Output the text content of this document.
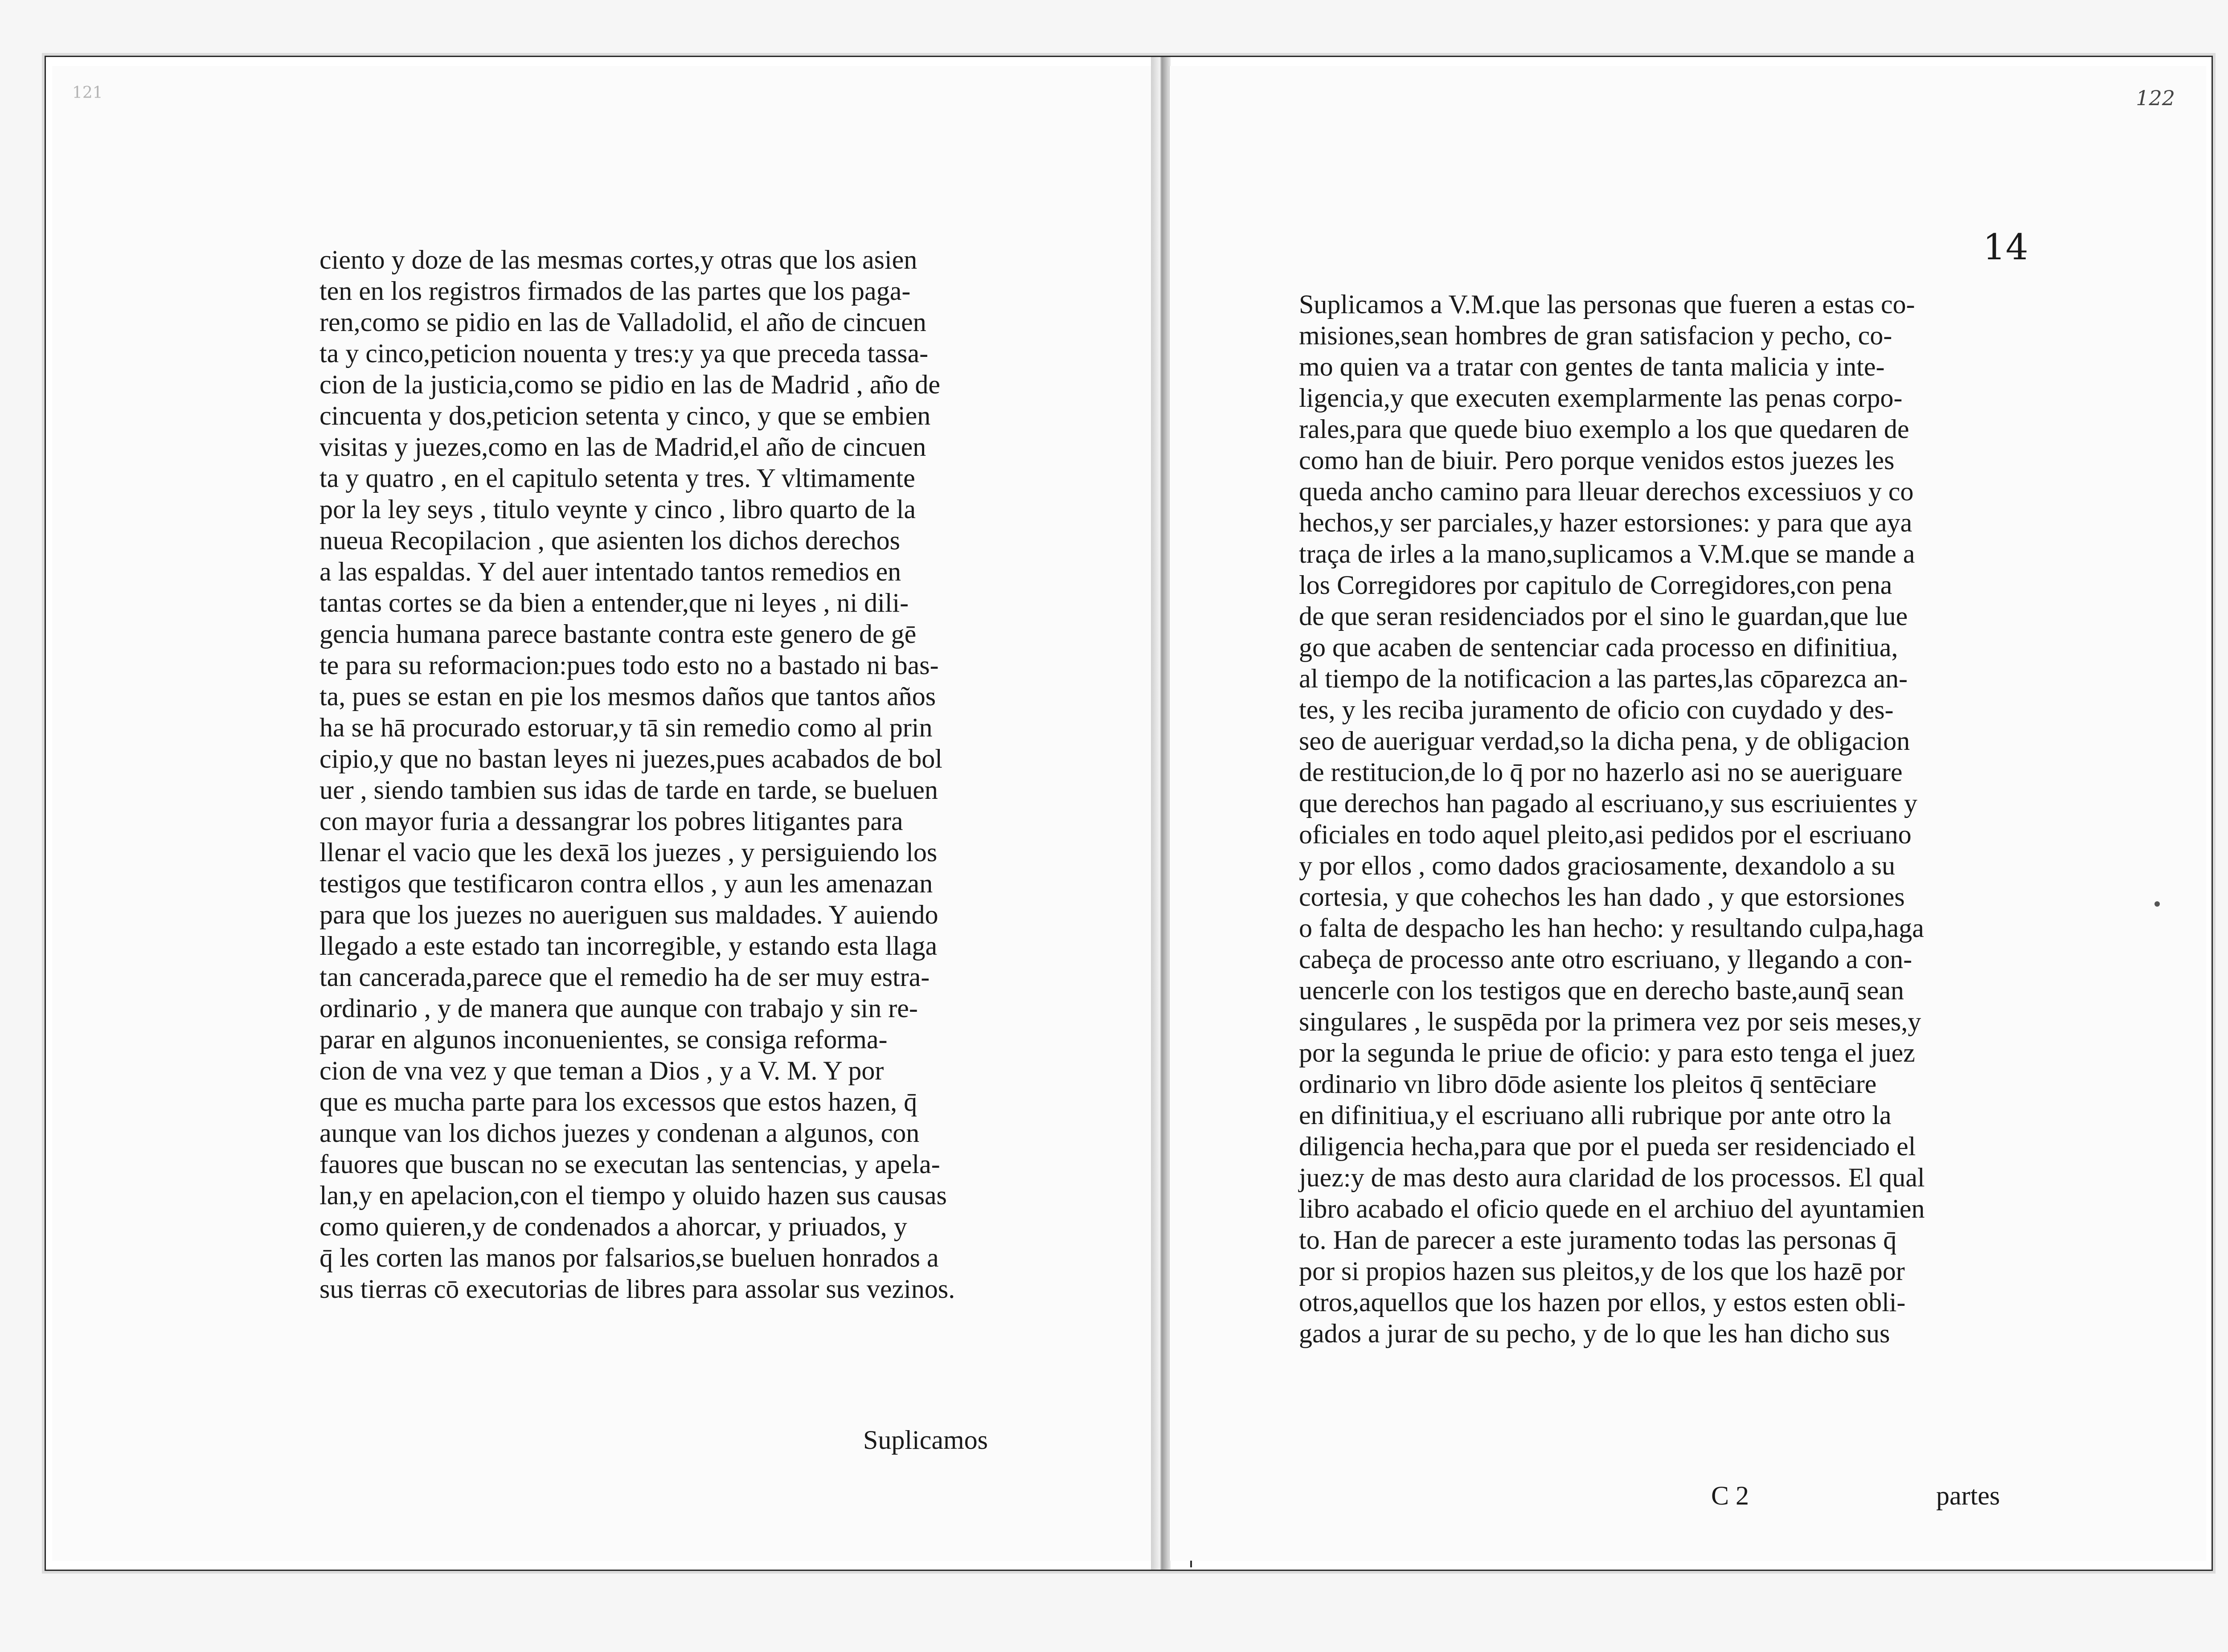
121
ciento y doze de las mesmas cortes,y otras que los asien
ten en los registros firmados de las partes que los paga-
ren,como se pidio en las de Valladolid, el año de cincuen
ta y cinco,peticion nouenta y tres:y ya que preceda tassa-
cion de la justicia,como se pidio en las de Madrid , año de
cincuenta y dos,peticion setenta y cinco, y que se embien
visitas y juezes,como en las de Madrid,el año de cincuen
ta y quatro , en el capitulo setenta y tres. Y vltimamente
por la ley seys , titulo veynte y cinco , libro quarto de la
nueua Recopilacion , que asienten los dichos derechos
a las espaldas. Y del auer intentado tantos remedios en
tantas cortes se da bien a entender,que ni leyes , ni dili-
gencia humana parece bastante contra este genero de gē
te para su reformacion:pues todo esto no a bastado ni bas-
ta, pues se estan en pie los mesmos daños que tantos años
ha se hā procurado estoruar,y tā sin remedio como al prin
cipio,y que no bastan leyes ni juezes,pues acabados de bol
uer , siendo tambien sus idas de tarde en tarde, se bueluen
con mayor furia a dessangrar los pobres litigantes para
llenar el vacio que les dexā los juezes , y persiguiendo los
testigos que testificaron contra ellos , y aun les amenazan
para que los juezes no aueriguen sus maldades. Y auiendo
llegado a este estado tan incorregible, y estando esta llaga
tan cancerada,parece que el remedio ha de ser muy estra-
ordinario , y de manera que aunque con trabajo y sin re-
parar en algunos inconuenientes, se consiga reforma-
cion de vna vez y que teman a Dios , y a V. M. Y por
que es mucha parte para los excessos que estos hazen, q̄
aunque van los dichos juezes y condenan a algunos, con
fauores que buscan no se executan las sentencias, y apela-
lan,y en apelacion,con el tiempo y oluido hazen sus causas
como quieren,y de condenados a ahorcar, y priuados, y
q̄ les corten las manos por falsarios,se bueluen honrados a
sus tierras cō executorias de libres para assolar sus vezinos.
Suplicamos
122
14
Suplicamos a V.M.que las personas que fueren a estas co-
misiones,sean hombres de gran satisfacion y pecho, co-
mo quien va a tratar con gentes de tanta malicia y inte-
ligencia,y que executen exemplarmente las penas corpo-
rales,para que quede biuo exemplo a los que quedaren de
como han de biuir. Pero porque venidos estos juezes les
queda ancho camino para lleuar derechos excessiuos y co
hechos,y ser parciales,y hazer estorsiones: y para que aya
traça de irles a la mano,suplicamos a V.M.que se mande a
los Corregidores por capitulo de Corregidores,con pena
de que seran residenciados por el sino le guardan,que lue
go que acaben de sentenciar cada processo en difinitiua,
al tiempo de la notificacion a las partes,las cōparezca an-
tes, y les reciba juramento de oficio con cuydado y des-
seo de aueriguar verdad,so la dicha pena, y de obligacion
de restitucion,de lo q̄ por no hazerlo asi no se aueriguare
que derechos han pagado al escriuano,y sus escriuientes y
oficiales en todo aquel pleito,asi pedidos por el escriuano
y por ellos , como dados graciosamente, dexandolo a su
cortesia, y que cohechos les han dado , y que estorsiones
o falta de despacho les han hecho: y resultando culpa,haga
cabeça de processo ante otro escriuano, y llegando a con-
uencerle con los testigos que en derecho baste,aunq̄ sean
singulares , le suspēda por la primera vez por seis meses,y
por la segunda le priue de oficio: y para esto tenga el juez
ordinario vn libro dōde asiente los pleitos q̄ sentēciare
en difinitiua,y el escriuano alli rubrique por ante otro la
diligencia hecha,para que por el pueda ser residenciado el
juez:y de mas desto aura claridad de los processos. El qual
libro acabado el oficio quede en el archiuo del ayuntamien
to. Han de parecer a este juramento todas las personas q̄
por si propios hazen sus pleitos,y de los que los hazē por
otros,aquellos que los hazen por ellos, y estos esten obli-
gados a jurar de su pecho, y de lo que les han dicho sus
C 2	partes
